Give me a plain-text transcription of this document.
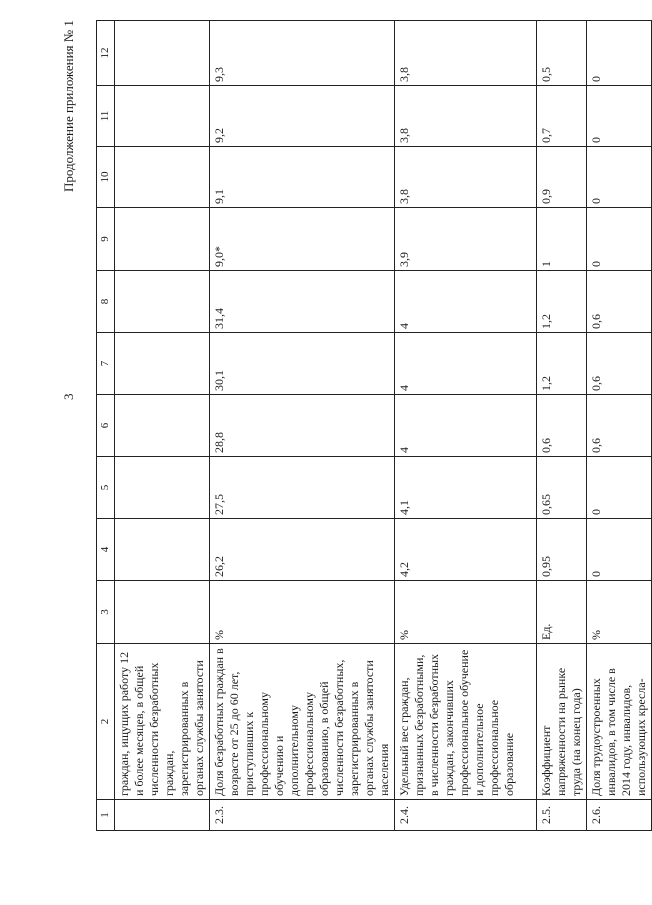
3

Продолжение приложения № 1

1	2	3	4	5	6	7	8	9	10	11	12
	граждан, ищущих работу 12 и более месяцев, в общей численности безработных граждан, зарегистрированных в органах службы занятости										
2.3.	Доля безработных граждан в возрасте от 25 до 60 лет, приступивших к профессиональному обучению и дополнительному профессиональному образованию, в общей численности безработных, зарегистрированных в органах службы занятости населения	%	26,2	27,5	28,8	30,1	31,4	9,0*	9,1	9,2	9,3
2.4.	Удельный вес граждан, признанных безработными, в численности безработных граждан, закончивших профессиональное обучение и дополнительное профессиональное образование	%	4,2	4,1	4	4	4	3,9	3,8	3,8	3,8
2.5.	Коэффициент напряженности на рынке труда (на конец года)	Ед.	0,95	0,65	0,6	1,2	1,2	1	0,9	0,7	0,5
2.6.	Доля трудоустроенных инвалидов, в том числе в 2014 году, инвалидов, использующих кресла-	%	0	0	0,6	0,6	0,6	0	0	0	0
